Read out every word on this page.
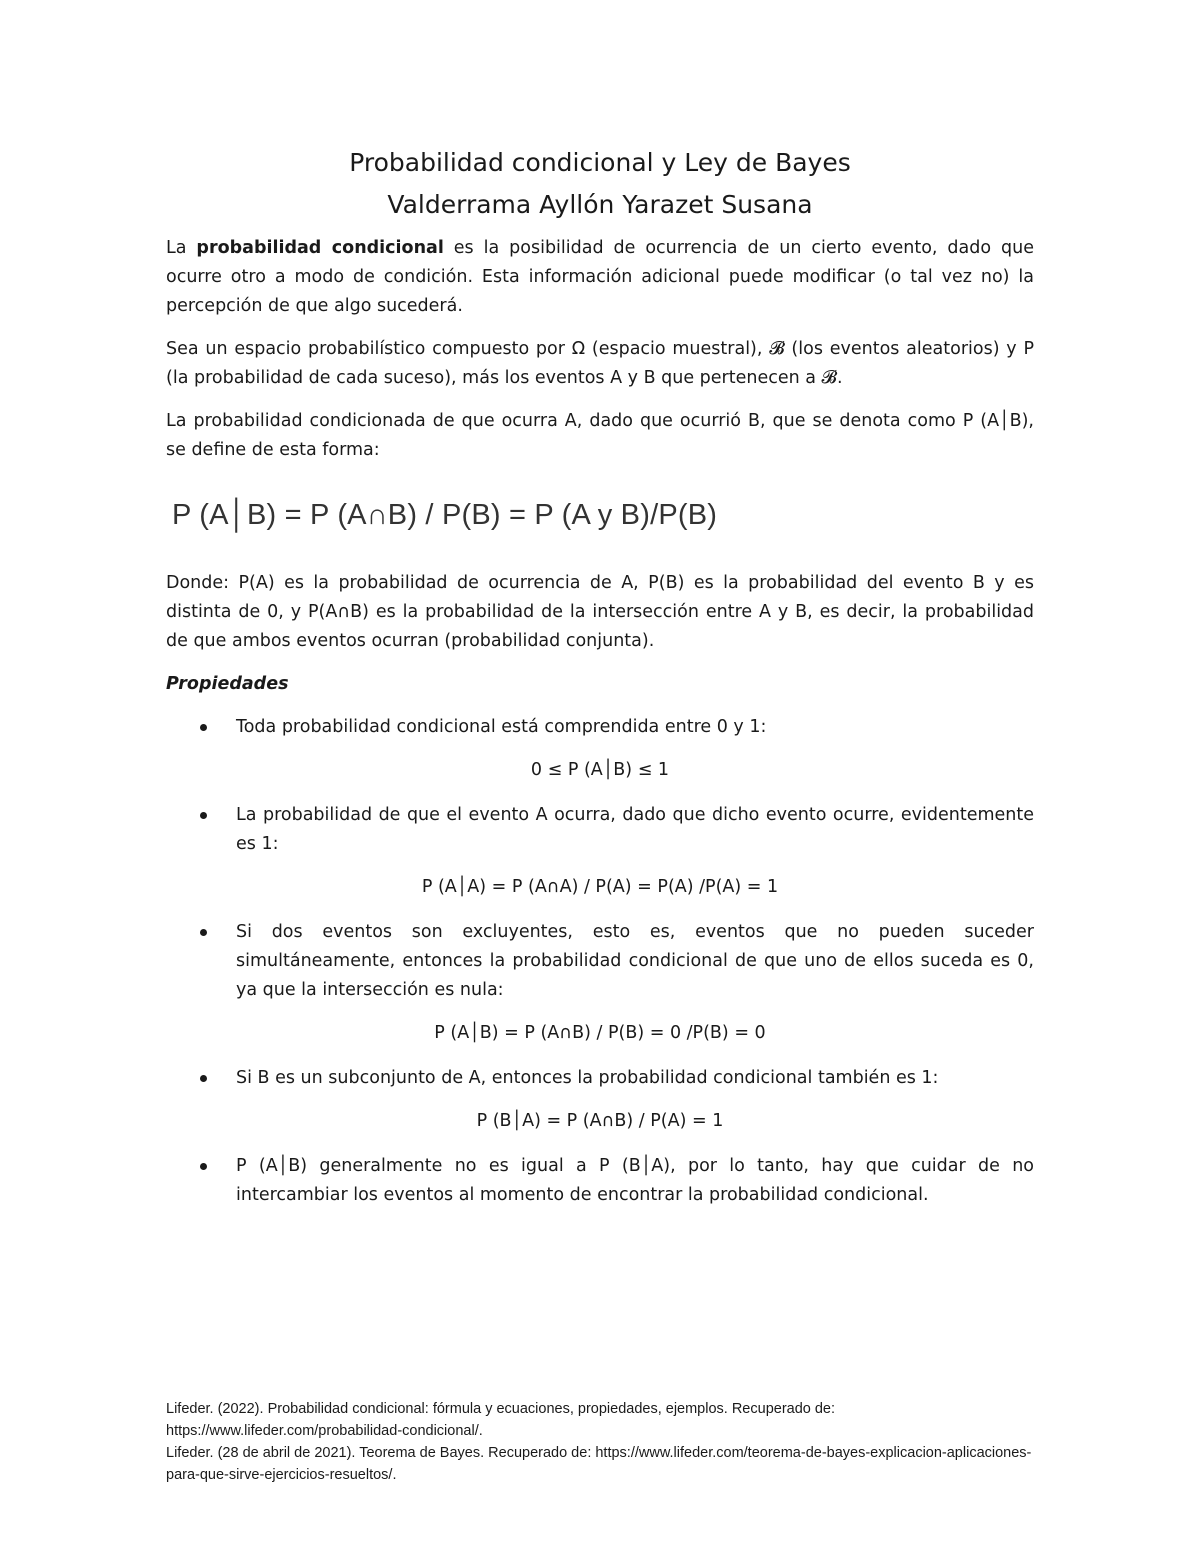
Probabilidad condicional y Ley de Bayes
Valderrama Ayllón Yarazet Susana

La probabilidad condicional es la posibilidad de ocurrencia de un cierto evento, dado que ocurre otro a modo de condición. Esta información adicional puede modificar (o tal vez no) la percepción de que algo sucederá.

Sea un espacio probabilístico compuesto por Ω (espacio muestral), 𝓑 (los eventos aleatorios) y P (la probabilidad de cada suceso), más los eventos A y B que pertenecen a 𝓑.

La probabilidad condicionada de que ocurra A, dado que ocurrió B, que se denota como P (A│B), se define de esta forma:

P (A│B) = P (A∩B) / P(B) = P (A y B)/P(B)

Donde: P(A) es la probabilidad de ocurrencia de A, P(B) es la probabilidad del evento B y es distinta de 0, y P(A∩B) es la probabilidad de la intersección entre A y B, es decir, la probabilidad de que ambos eventos ocurran (probabilidad conjunta).

Propiedades
Toda probabilidad condicional está comprendida entre 0 y 1:
0 ≤ P (A│B) ≤ 1
La probabilidad de que el evento A ocurra, dado que dicho evento ocurre, evidentemente es 1:
P (A│A) = P (A∩A) / P(A) = P(A) /P(A) = 1
Si dos eventos son excluyentes, esto es, eventos que no pueden suceder simultáneamente, entonces la probabilidad condicional de que uno de ellos suceda es 0, ya que la intersección es nula:
P (A│B) = P (A∩B) / P(B) = 0 /P(B) = 0
Si B es un subconjunto de A, entonces la probabilidad condicional también es 1:
P (B│A) = P (A∩B) / P(A) = 1
P (A│B) generalmente no es igual a P (B│A), por lo tanto, hay que cuidar de no intercambiar los eventos al momento de encontrar la probabilidad condicional.

Lifeder. (2022). Probabilidad condicional: fórmula y ecuaciones, propiedades, ejemplos. Recuperado de: https://www.lifeder.com/probabilidad-condicional/.

Lifeder. (28 de abril de 2021). Teorema de Bayes. Recuperado de: https://www.lifeder.com/teorema-de-bayes-explicacion-aplicaciones-para-que-sirve-ejercicios-resueltos/.
